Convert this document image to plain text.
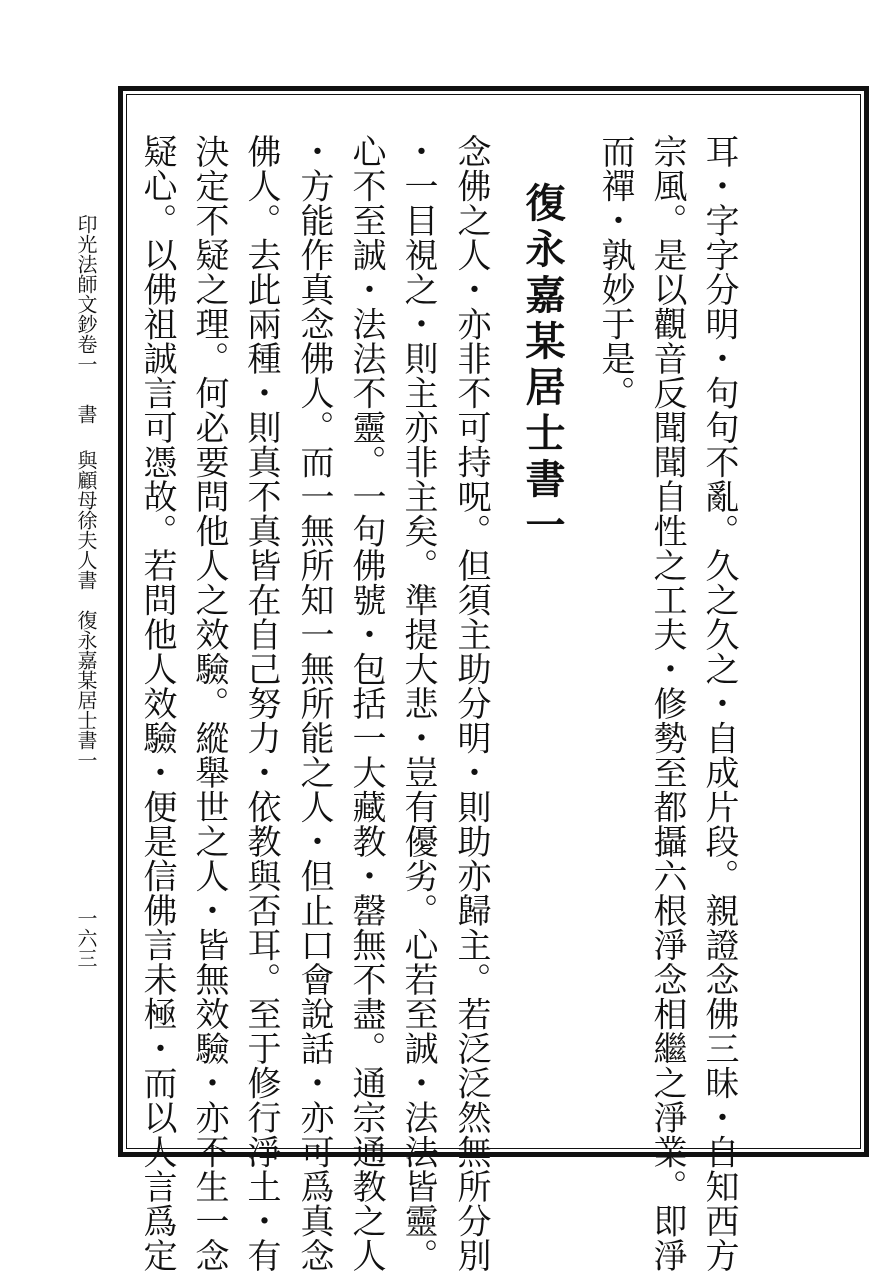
耳・字字分明・句句不亂。久之久之・自成片段。親證念佛三昧・自知西方
宗風。是以觀音反聞聞自性之工夫・修勢至都攝六根淨念相繼之淨業。即淨
而禪・孰妙于是。
復永嘉某居士書一
念佛之人・亦非不可持呪。但須主助分明・則助亦歸主。若泛泛然無所分別
・一目視之・則主亦非主矣。準提大悲・豈有優劣。心若至誠・法法皆靈。
心不至誠・法法不靈。一句佛號・包括一大藏教・罄無不盡。通宗通教之人
・方能作真念佛人。而一無所知一無所能之人・但止口會說話・亦可爲真念
佛人。去此兩種・則真不真皆在自己努力・依教與否耳。至于修行淨土・有
決定不疑之理。何必要問他人之效驗。縱舉世之人・皆無效驗・亦不生一念
疑心。以佛祖誠言可憑故。若問他人效驗・便是信佛言未極・而以人言爲定
印光法師文鈔卷一
書
與顧母徐夫人書　復永嘉某居士書一
一六三
